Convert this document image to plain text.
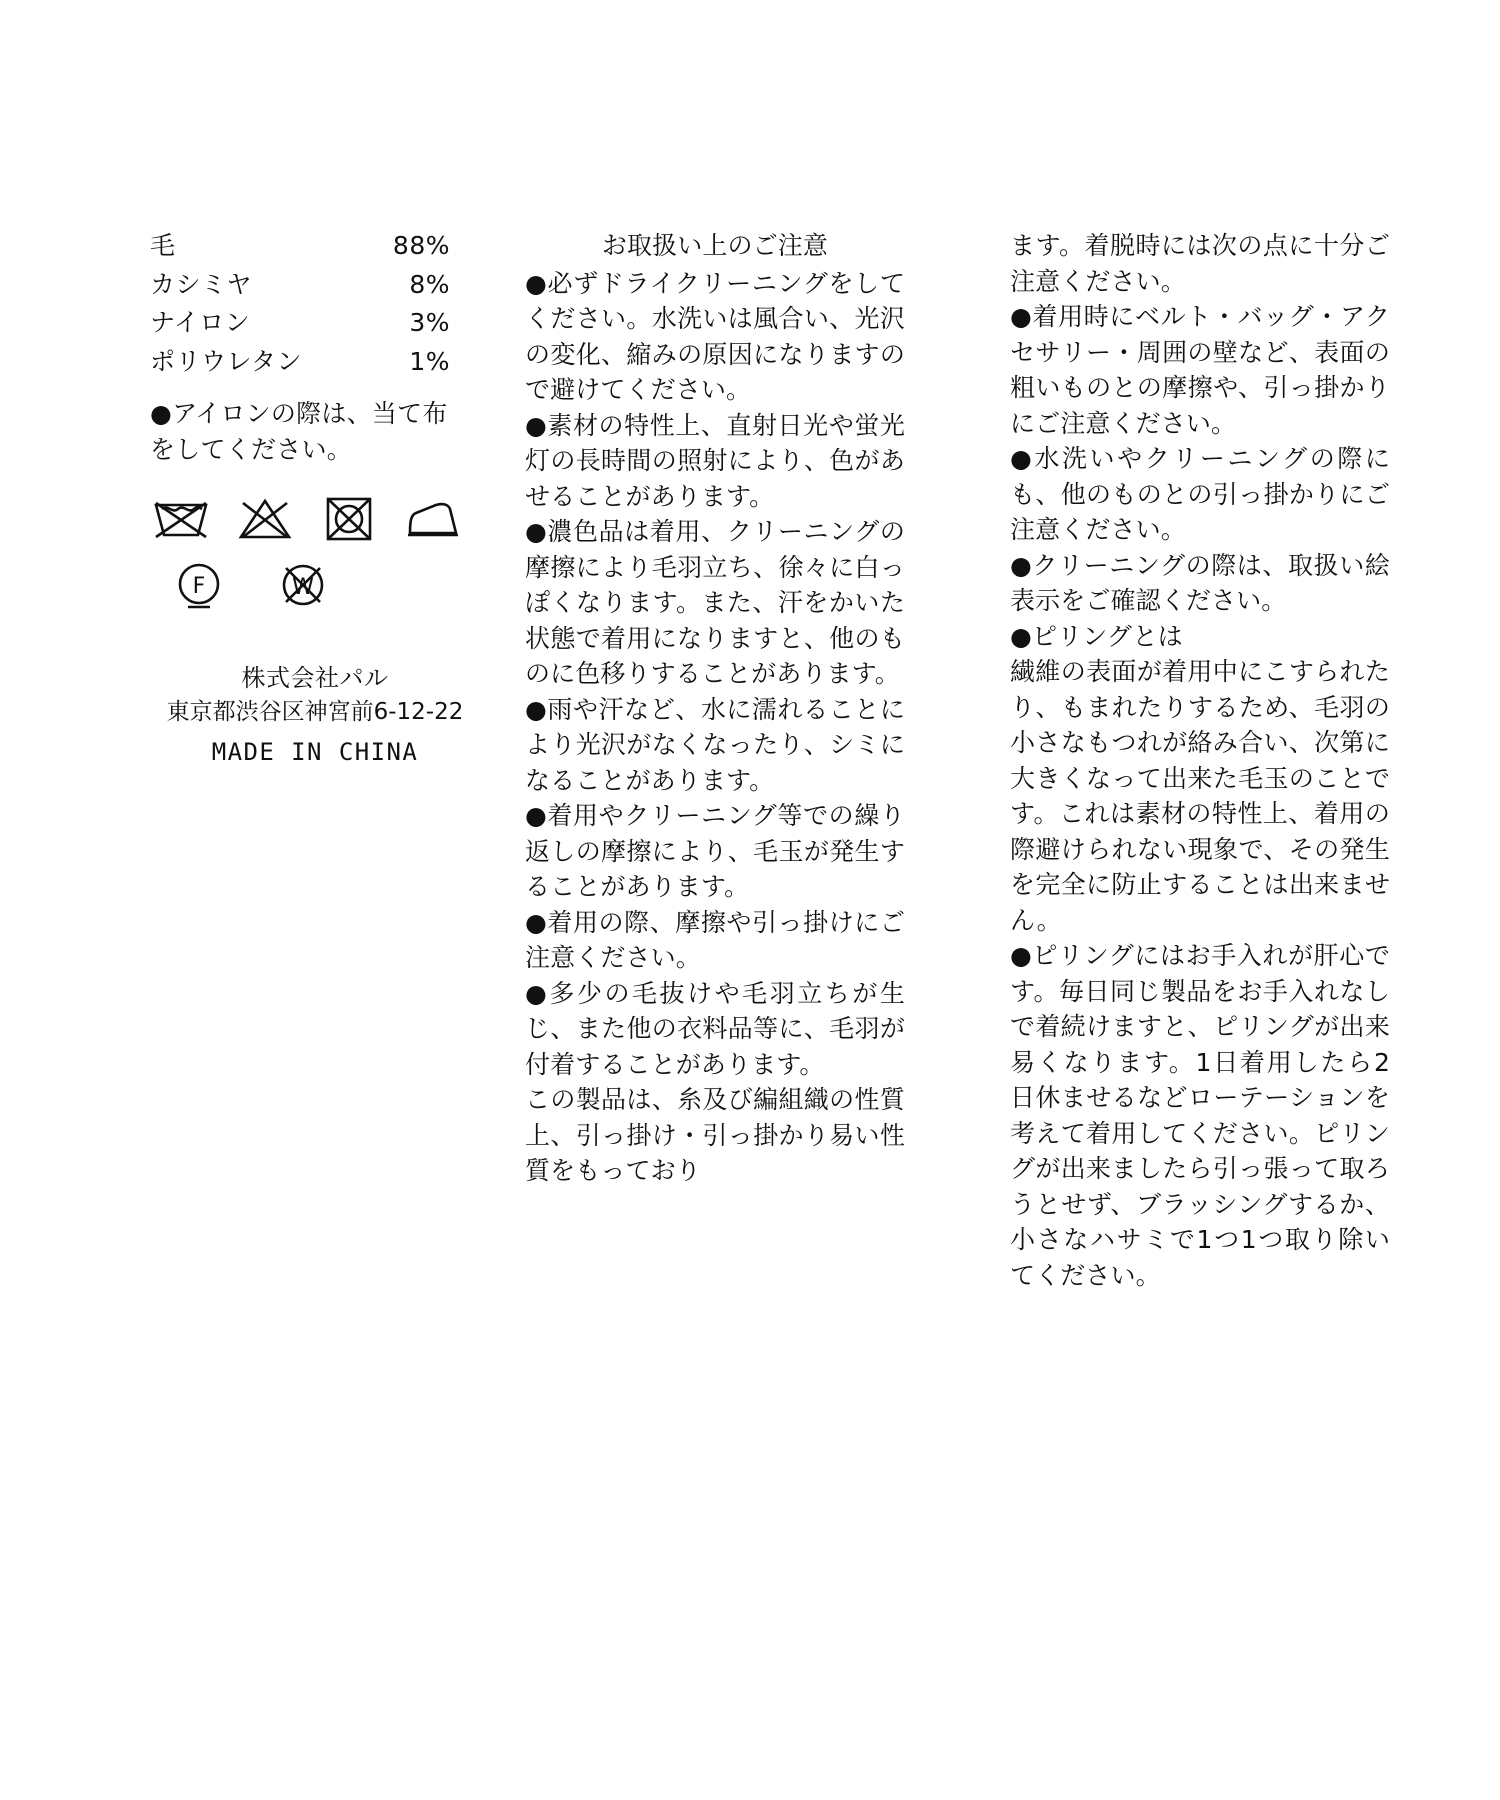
毛	88%
カシミヤ	8%
ナイロン	3%
ポリウレタン	1%
●アイロンの際は、当て布をしてください。
F	W
株式会社パル
東京都渋谷区神宮前6-12-22
MADE IN CHINA
お取扱い上のご注意

●必ずドライクリーニングをしてください。水洗いは風合い、光沢の変化、縮みの原因になりますので避けてください。

●素材の特性上、直射日光や蛍光灯の長時間の照射により、色があせることがあります。

●濃色品は着用、クリーニングの摩擦により毛羽立ち、徐々に白っぽくなります。また、汗をかいた状態で着用になりますと、他のものに色移りすることがあります。

●雨や汗など、水に濡れることにより光沢がなくなったり、シミになることがあります。

●着用やクリーニング等での繰り返しの摩擦により、毛玉が発生することがあります。

●着用の際、摩擦や引っ掛けにご注意ください。

●多少の毛抜けや毛羽立ちが生じ、また他の衣料品等に、毛羽が付着することがあります。

この製品は、糸及び編組織の性質上、引っ掛け・引っ掛かり易い性質をもっており

ます。着脱時には次の点に十分ご注意ください。

●着用時にベルト・バッグ・アクセサリー・周囲の壁など、表面の粗いものとの摩擦や、引っ掛かりにご注意ください。

●水洗いやクリーニングの際にも、他のものとの引っ掛かりにご注意ください。

●クリーニングの際は、取扱い絵表示をご確認ください。

●ピリングとは

繊維の表面が着用中にこすられたり、もまれたりするため、毛羽の小さなもつれが絡み合い、次第に大きくなって出来た毛玉のことです。これは素材の特性上、着用の際避けられない現象で、その発生を完全に防止することは出来ません。

●ピリングにはお手入れが肝心です。毎日同じ製品をお手入れなしで着続けますと、ピリングが出来易くなります。1日着用したら2日休ませるなどローテーションを考えて着用してください。ピリングが出来ましたら引っ張って取ろうとせず、ブラッシングするか、小さなハサミで1つ1つ取り除いてください。
